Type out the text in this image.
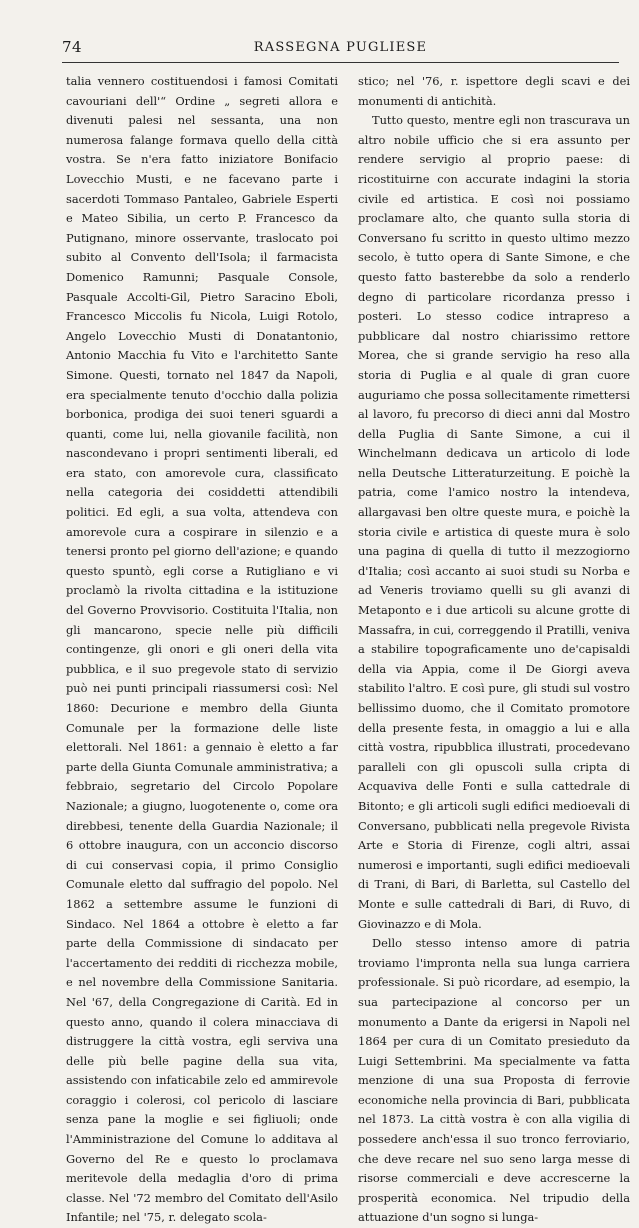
74	RASSEGNA PUGLIESE

talia vennero costituendosi i famosi Comitati cavouriani dell'“ Ordine „ segreti allora e divenuti palesi nel sessanta, una non numerosa falange formava quello della città vostra. Se n'era fatto iniziatore Bonifacio Lovecchio Musti, e ne facevano parte i sacerdoti Tommaso Pantaleo, Gabriele Esperti e Mateo Sibilia, un certo P. Francesco da Putignano, minore osservante, traslocato poi subito al Convento dell'Isola; il farmacista Domenico Ramunni; Pasquale Console, Pasquale Accolti-Gil, Pietro Saracino Eboli, Francesco Miccolis fu Nicola, Luigi Rotolo, Angelo Lovecchio Musti di Donatantonio, Antonio Macchia fu Vito e l'architetto Sante Simone. Questi, tornato nel 1847 da Napoli, era specialmente tenuto d'occhio dalla polizia borbonica, prodiga dei suoi teneri sguardi a quanti, come lui, nella giovanile facilità, non nascondevano i propri sentimenti liberali, ed era stato, con amorevole cura, classificato nella categoria dei cosiddetti attendibili politici. Ed egli, a sua volta, attendeva con amorevole cura a cospirare in silenzio e a tenersi pronto pel giorno dell'azione; e quando questo spuntò, egli corse a Rutigliano e vi proclamò la rivolta cittadina e la istituzione del Governo Provvisorio. Costituita l'Italia, non gli mancarono, specie nelle più difficili contingenze, gli onori e gli oneri della vita pubblica, e il suo pregevole stato di servizio può nei punti principali riassumersi così: Nel 1860: Decurione e membro della Giunta Comunale per la formazione delle liste elettorali. Nel 1861: a gennaio è eletto a far parte della Giunta Comunale amministrativa; a febbraio, segretario del Circolo Popolare Nazionale; a giugno, luogotenente o, come ora direbbesi, tenente della Guardia Nazionale; il 6 ottobre inaugura, con un acconcio discorso di cui conservasi copia, il primo Consiglio Comunale eletto dal suffragio del popolo. Nel 1862 a settembre assume le funzioni di Sindaco. Nel 1864 a ottobre è eletto a far parte della Commissione di sindacato per l'accertamento dei redditi di ricchezza mobile, e nel novembre della Commissione Sanitaria. Nel '67, della Congregazione di Carità. Ed in questo anno, quando il colera minacciava di distruggere la città vostra, egli serviva una delle più belle pagine della sua vita, assistendo con infaticabile zelo ed ammirevole coraggio i colerosi, col pericolo di lasciare senza pane la moglie e sei figliuoli; onde l'Amministrazione del Comune lo additava al Governo del Re e questo lo proclamava meritevole della medaglia d'oro di prima classe. Nel '72 membro del Comitato dell'Asilo Infantile; nel '75, r. delegato scola-

stico; nel '76, r. ispettore degli scavi e dei monumenti di antichità.

Tutto questo, mentre egli non trascurava un altro nobile ufficio che si era assunto per rendere servigio al proprio paese: di ricostituirne con accurate indagini la storia civile ed artistica. E così noi possiamo proclamare alto, che quanto sulla storia di Conversano fu scritto in questo ultimo mezzo secolo, è tutto opera di Sante Simone, e che questo fatto basterebbe da solo a renderlo degno di particolare ricordanza presso i posteri. Lo stesso codice intrapreso a pubblicare dal nostro chiarissimo rettore Morea, che si grande servigio ha reso alla storia di Puglia e al quale di gran cuore auguriamo che possa sollecitamente rimettersi al lavoro, fu precorso di dieci anni dal Mostro della Puglia di Sante Simone, a cui il Winchelmann dedicava un articolo di lode nella Deutsche Litteraturzeitung. E poichè la patria, come l'amico nostro la intendeva, allargavasi ben oltre queste mura, e poichè la storia civile e artistica di queste mura è solo una pagina di quella di tutto il mezzogiorno d'Italia; così accanto ai suoi studi su Norba e ad Veneris troviamo quelli su gli avanzi di Metaponto e i due articoli su alcune grotte di Massafra, in cui, correggendo il Pratilli, veniva a stabilire topograficamente uno de'capisaldi della via Appia, come il De Giorgi aveva stabilito l'altro. E così pure, gli studi sul vostro bellissimo duomo, che il Comitato promotore della presente festa, in omaggio a lui e alla città vostra, ripubblica illustrati, procedevano paralleli con gli opuscoli sulla cripta di Acquaviva delle Fonti e sulla cattedrale di Bitonto; e gli articoli sugli edifici medioevali di Conversano, pubblicati nella pregevole Rivista Arte e Storia di Firenze, cogli altri, assai numerosi e importanti, sugli edifici medioevali di Trani, di Bari, di Barletta, sul Castello del Monte e sulle cattedrali di Bari, di Ruvo, di Giovinazzo e di Mola.

Dello stesso intenso amore di patria troviamo l'impronta nella sua lunga carriera professionale. Si può ricordare, ad esempio, la sua partecipazione al concorso per un monumento a Dante da erigersi in Napoli nel 1864 per cura di un Comitato presieduto da Luigi Settembrini. Ma specialmente va fatta menzione di una sua Proposta di ferrovie economiche nella provincia di Bari, pubblicata nel 1873. La città vostra è con alla vigilia di possedere anch'essa il suo tronco ferroviario, che deve recare nel suo seno larga messe di risorse commerciali e deve accrescerne la prosperità economica. Nel tripudio della attuazione d'un sogno si lunga-
